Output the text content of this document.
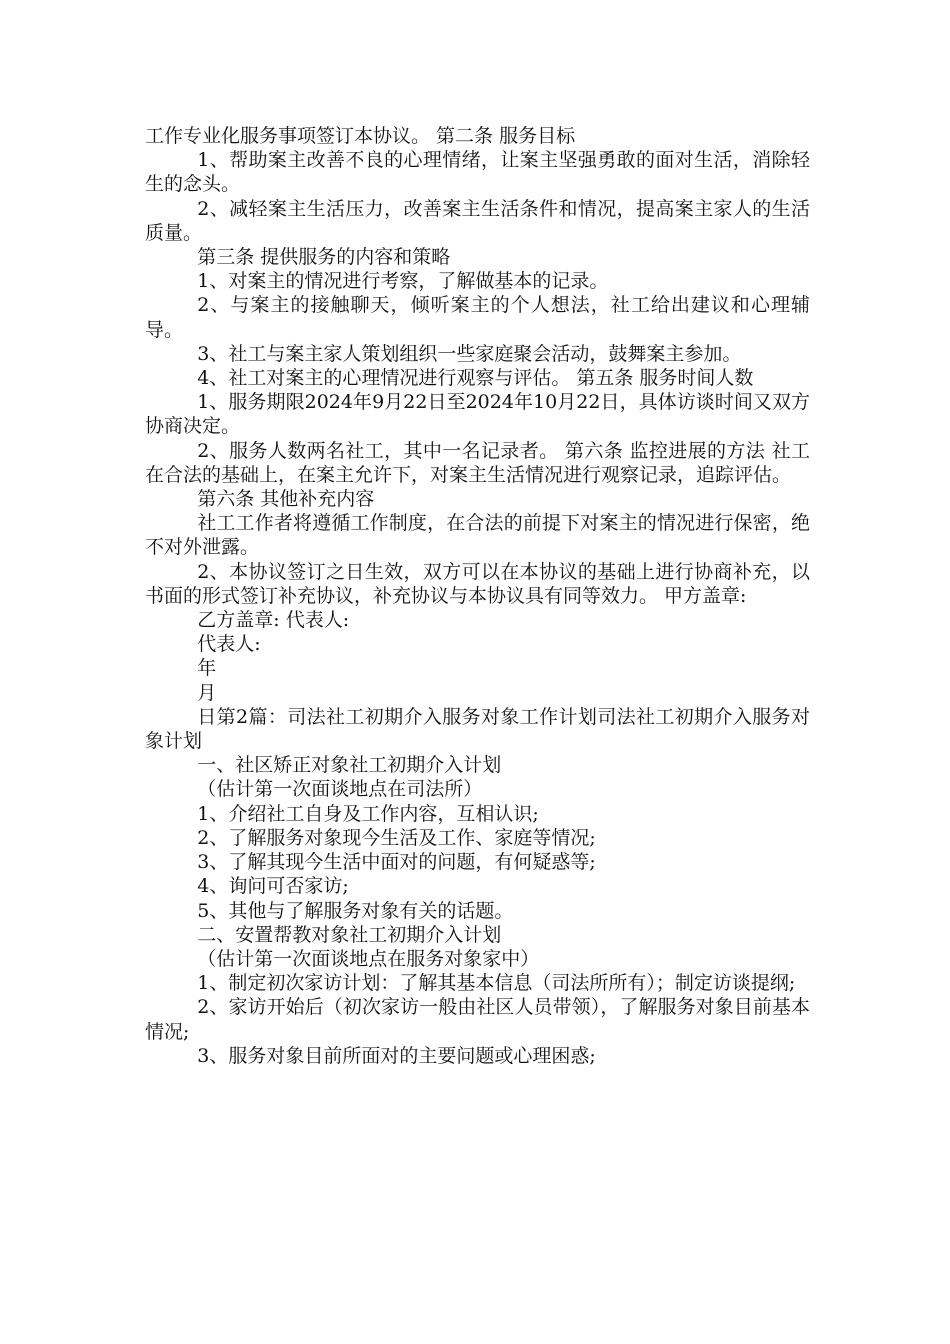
工作专业化服务事项签订本协议。 第二条 服务目标

1、帮助案主改善不良的心理情绪，让案主坚强勇敢的面对生活，消除轻生的念头。

2、减轻案主生活压力，改善案主生活条件和情况，提高案主家人的生活质量。

第三条 提供服务的内容和策略

1、对案主的情况进行考察，了解做基本的记录。

2、与案主的接触聊天，倾听案主的个人想法，社工给出建议和心理辅导。

3、社工与案主家人策划组织一些家庭聚会活动，鼓舞案主参加。

4、社工对案主的心理情况进行观察与评估。 第五条 服务时间人数

1、服务期限2024年9月22日至2024年10月22日，具体访谈时间又双方协商决定。

2、服务人数两名社工，其中一名记录者。 第六条 监控进展的方法 社工在合法的基础上，在案主允许下，对案主生活情况进行观察记录，追踪评估。

第六条 其他补充内容

社工工作者将遵循工作制度，在合法的前提下对案主的情况进行保密，绝不对外泄露。

2、本协议签订之日生效，双方可以在本协议的基础上进行协商补充，以书面的形式签订补充协议，补充协议与本协议具有同等效力。 甲方盖章:

乙方盖章: 代表人:

代表人:

年

月

日第2篇：司法社工初期介入服务对象工作计划司法社工初期介入服务对象计划

一、社区矫正对象社工初期介入计划

（估计第一次面谈地点在司法所）

1、介绍社工自身及工作内容，互相认识;

2、了解服务对象现今生活及工作、家庭等情况;

3、了解其现今生活中面对的问题，有何疑惑等;

4、询问可否家访;

5、其他与了解服务对象有关的话题。

二、安置帮教对象社工初期介入计划

（估计第一次面谈地点在服务对象家中）

1、制定初次家访计划：了解其基本信息（司法所所有）；制定访谈提纲;

2、家访开始后（初次家访一般由社区人员带领），了解服务对象目前基本情况;

3、服务对象目前所面对的主要问题或心理困惑;
